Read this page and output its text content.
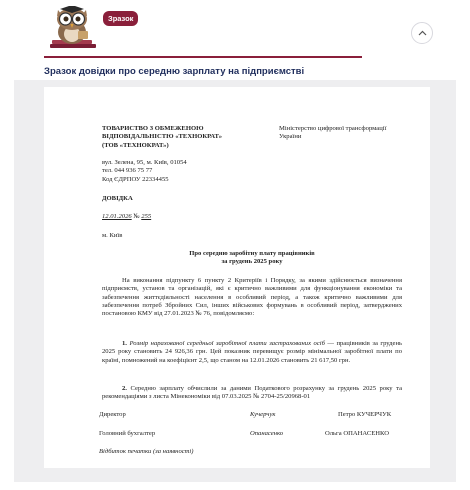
Зразок
Зразок довідки про середню зарплату на підприємстві
ТОВАРИСТВО З ОБМЕЖЕНОЮ
ВІДПОВІДАЛЬНІСТЮ «ТЕХНОКРАТ»
(ТОВ «ТЕХНОКРАТ»)
Міністерство цифрової трансформації
України
вул. Зелена, 95, м. Київ, 01054
тел. 044 936 75 77
Код ЄДРПОУ 22334455
ДОВІДКА
12.01.2026 № 255
м. Київ
Про середню заробітну плату працівників
за грудень 2025 року
На виконання підпункту 6 пункту 2 Критеріїв і Порядку, за якими здійснюється визначення підприємств, установ та організацій, які є критично важливими для функціонування економіки та забезпечення життєдіяльності населення в особливий період, а також критично важливими для забезпечення потреб Збройних Сил, інших військових формувань в особливий період, затверджених постановою КМУ від 27.01.2023 № 76, повідомляємо:
1. Розмір нарахованої середньої заробітної плати застрахованих осіб — працівників за грудень 2025 року становить 24 926,36 грн. Цей показник перевищує розмір мінімальної заробітної плати по країні, помножений на коефіцієнт 2,5, що станом на 12.01.2026 становить 21 617,50 грн.
2. Середню зарплату обчислили за даними Податкового розрахунку за грудень 2025 року та рекомендаціями з листа Мінекономіки від 07.03.2025 № 2704-25/20968-01
Директор	Кучерчук	Петро КУЧЕРЧУК
Головний бухгалтер	Опанасенко	Ольга ОПАНАСЕНКО
Відбиток печатки (за наявності)
